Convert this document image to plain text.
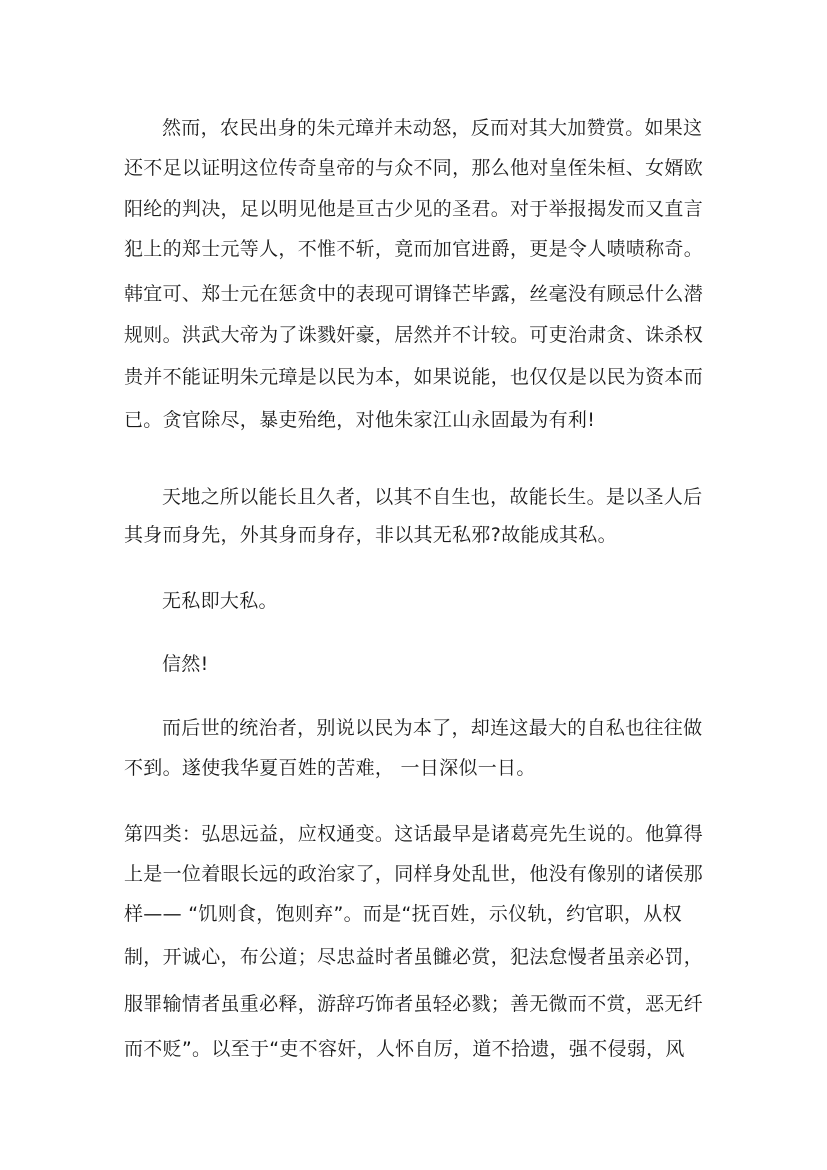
然而，农民出身的朱元璋并未动怒，反而对其大加赞赏。如果这
还不足以证明这位传奇皇帝的与众不同，那么他对皇侄朱桓、女婿欧
阳纶的判决，足以明见他是亘古少见的圣君。对于举报揭发而又直言
犯上的郑士元等人，不惟不斩，竟而加官进爵，更是令人啧啧称奇。
韩宜可、郑士元在惩贪中的表现可谓锋芒毕露，丝毫没有顾忌什么潜
规则。洪武大帝为了诛戮奸豪，居然并不计较。可吏治肃贪、诛杀权
贵并不能证明朱元璋是以民为本，如果说能，也仅仅是以民为资本而
已。贪官除尽，暴吏殆绝，对他朱家江山永固最为有利!
天地之所以能长且久者，以其不自生也，故能长生。是以圣人后
其身而身先，外其身而身存，非以其无私邪?故能成其私。
无私即大私。
信然!
而后世的统治者，别说以民为本了，却连这最大的自私也往往做
不到。遂使我华夏百姓的苦难， 一日深似一日。
第四类：弘思远益，应权通变。这话最早是诸葛亮先生说的。他算得
上是一位着眼长远的政治家了，同样身处乱世，他没有像别的诸侯那
样—— “饥则食，饱则弃”。而是“抚百姓，示仪轨，约官职，从权
制，开诚心，布公道；尽忠益时者虽雠必赏，犯法怠慢者虽亲必罚，
服罪输情者虽重必释，游辞巧饰者虽轻必戮；善无微而不赏，恶无纤
而不贬”。以至于“吏不容奸，人怀自厉，道不拾遗，强不侵弱，风
